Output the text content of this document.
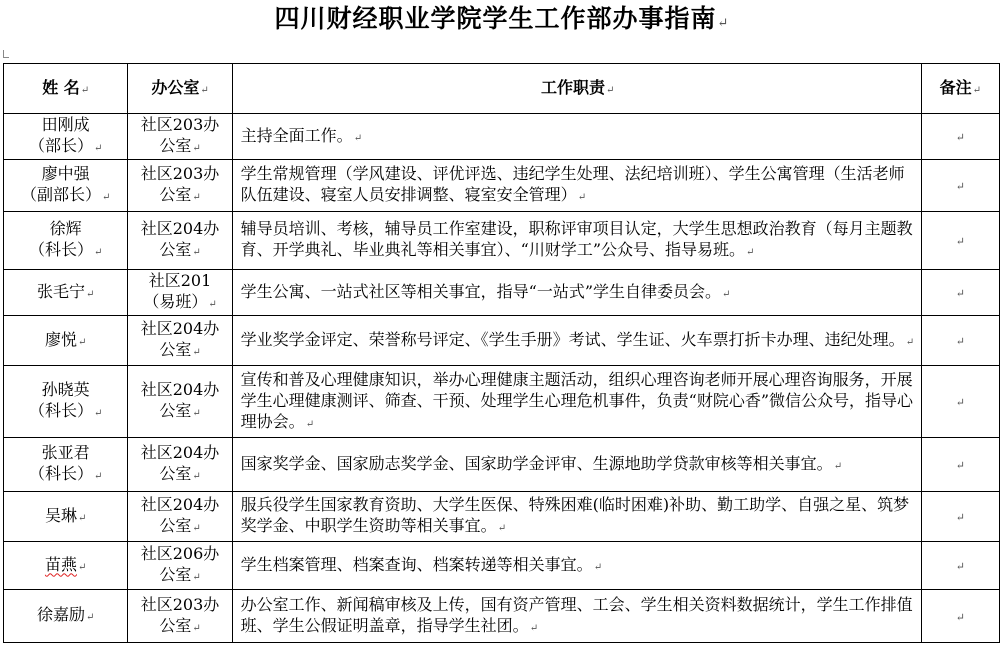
四川财经职业学院学生工作部办事指南↵
姓 名↵	办公室↵	工作职责↵	备注↵
田刚成
（部长）↵	社区203办公室↵	主持全面工作。↵	↵
廖中强
（副部长）↵	社区203办公室↵	学生常规管理（学风建设、评优评选、违纪学生处理、法纪培训班）、学生公寓管理（生活老师队伍建设、寝室人员安排调整、寝室安全管理）↵	↵
徐辉
（科长）↵	社区204办公室↵	辅导员培训、考核，辅导员工作室建设，职称评审项目认定，大学生思想政治教育（每月主题教育、开学典礼、毕业典礼等相关事宜）、“川财学工”公众号、指导易班。↵	↵
张毛宁↵	社区201（易班）↵	学生公寓、一站式社区等相关事宜，指导“一站式”学生自律委员会。↵	↵
廖悦↵	社区204办公室↵	学业奖学金评定、荣誉称号评定、《学生手册》考试、学生证、火车票打折卡办理、违纪处理。↵	↵
孙晓英
（科长）↵	社区204办公室↵	宣传和普及心理健康知识，举办心理健康主题活动，组织心理咨询老师开展心理咨询服务，开展学生心理健康测评、筛查、干预、处理学生心理危机事件，负责“财院心香”微信公众号，指导心理协会。↵	↵
张亚君
（科长）↵	社区204办公室↵	国家奖学金、国家励志奖学金、国家助学金评审、生源地助学贷款审核等相关事宜。↵	↵
吴琳↵	社区204办公室↵	服兵役学生国家教育资助、大学生医保、特殊困难(临时困难)补助、勤工助学、自强之星、筑梦奖学金、中职学生资助等相关事宜。↵	↵
苗燕↵	社区206办公室↵	学生档案管理、档案查询、档案转递等相关事宜。↵	↵
徐嘉励↵	社区203办公室↵	办公室工作、新闻稿审核及上传，国有资产管理、工会、学生相关资料数据统计，学生工作排值班、学生公假证明盖章，指导学生社团。↵	↵
